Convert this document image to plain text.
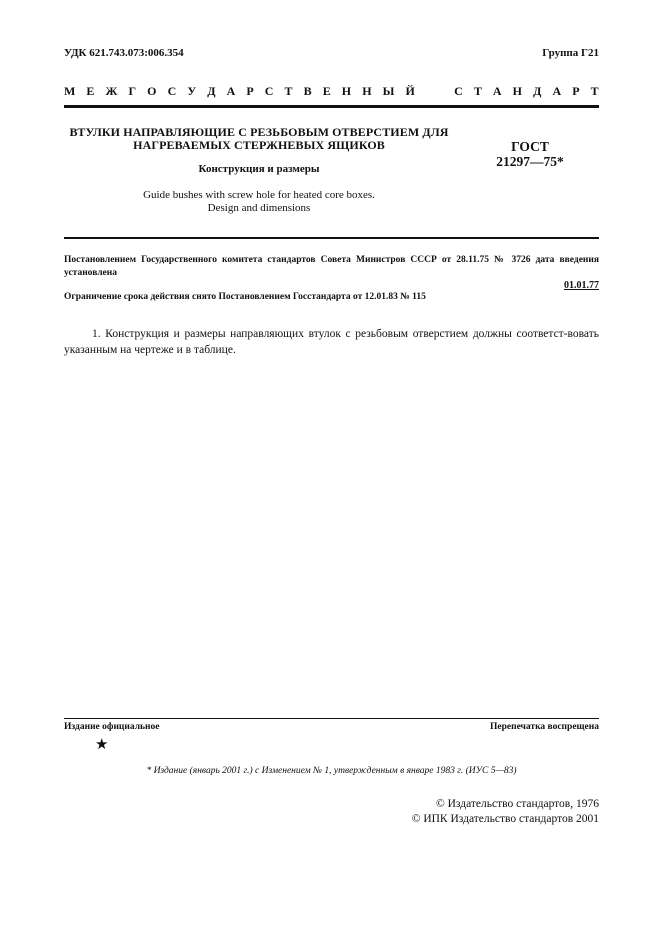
УДК 621.743.073:006.354	Группа Г21
М Е Ж Г О С У Д А Р С Т В Е Н Н Ы Й

	С Т А Н Д А Р Т
ВТУЛКИ НАПРАВЛЯЮЩИЕ С РЕЗЬБОВЫМ ОТВЕРСТИЕМ ДЛЯ
НАГРЕВАЕМЫХ СТЕРЖНЕВЫХ ЯЩИКОВ
Конструкция и размеры
Guide bushes with screw hole for heated core boxes.
Design and dimensions
ГОСТ
21297—75*
Постановлением Государственного комитета стандартов Совета Министров СССР от 28.11.75 № 3726 дата введения установлена
01.01.77
Ограничение срока действия снято Постановлением Госстандарта от 12.01.83 № 115
1. Конструкция и размеры направляющих втулок с резьбовым отверстием должны соответст-вовать указанным на чертеже и в таблице.
Издание официальное	Перепечатка воспрещена
★
* Издание (январь 2001 г.) с Изменением № 1, утвержденным в январе 1983 г. (ИУС 5—83)
© Издательство стандартов, 1976
© ИПК Издательство стандартов 2001
